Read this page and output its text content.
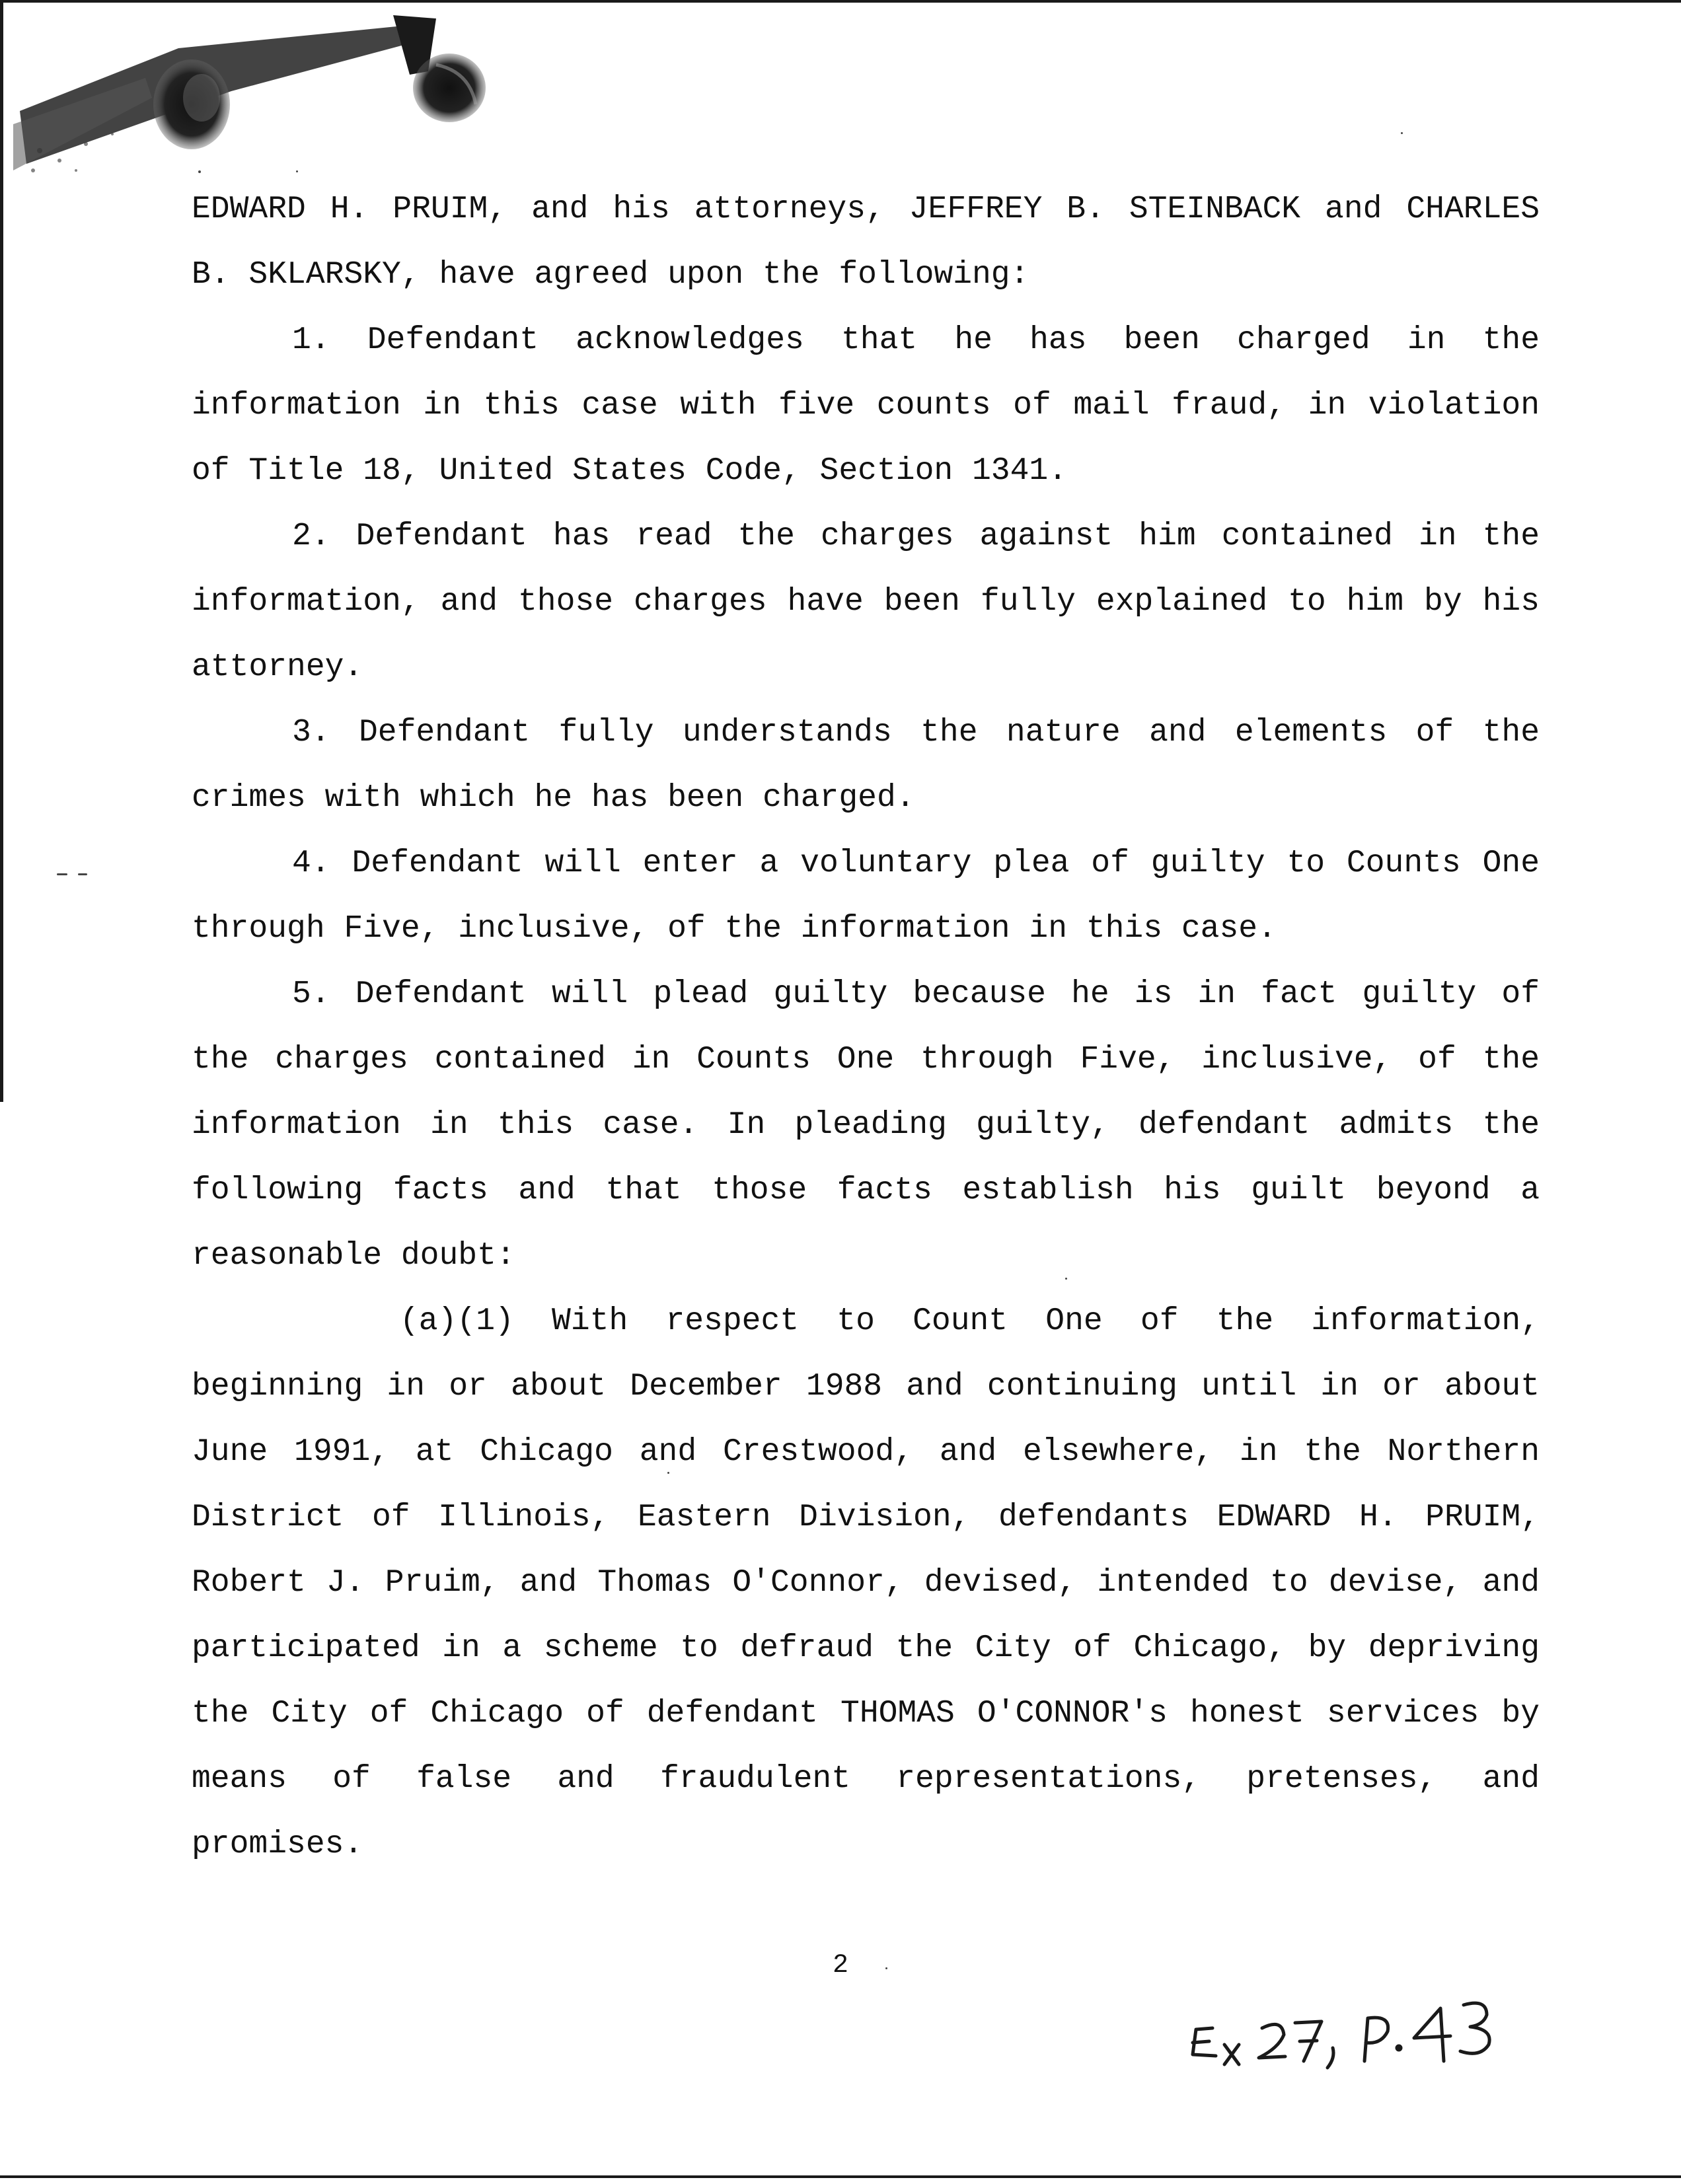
EDWARD H. PRUIM, and his attorneys, JEFFREY B. STEINBACK and CHARLES B. SKLARSKY, have agreed upon the following:

1. Defendant acknowledges that he has been charged in the information in this case with five counts of mail fraud, in violation of Title 18, United States Code, Section 1341.

2. Defendant has read the charges against him contained in the information, and those charges have been fully explained to him by his attorney.

3. Defendant fully understands the nature and elements of the crimes with which he has been charged.

4. Defendant will enter a voluntary plea of guilty to Counts One through Five, inclusive, of the information in this case.

5. Defendant will plead guilty because he is in fact guilty of the charges contained in Counts One through Five, inclusive, of the information in this case. In pleading guilty, defendant admits the following facts and that those facts establish his guilt beyond a reasonable doubt:

(a)(1) With respect to Count One of the information, beginning in or about December 1988 and continuing until in or about June 1991, at Chicago and Crestwood, and elsewhere, in the Northern District of Illinois, Eastern Division, defendants EDWARD H. PRUIM, Robert J. Pruim, and Thomas O'Connor, devised, intended to devise, and participated in a scheme to defraud the City of Chicago, by depriving the City of Chicago of defendant THOMAS O'CONNOR's honest services by means of false and fraudulent representations, pretenses, and promises.

2
